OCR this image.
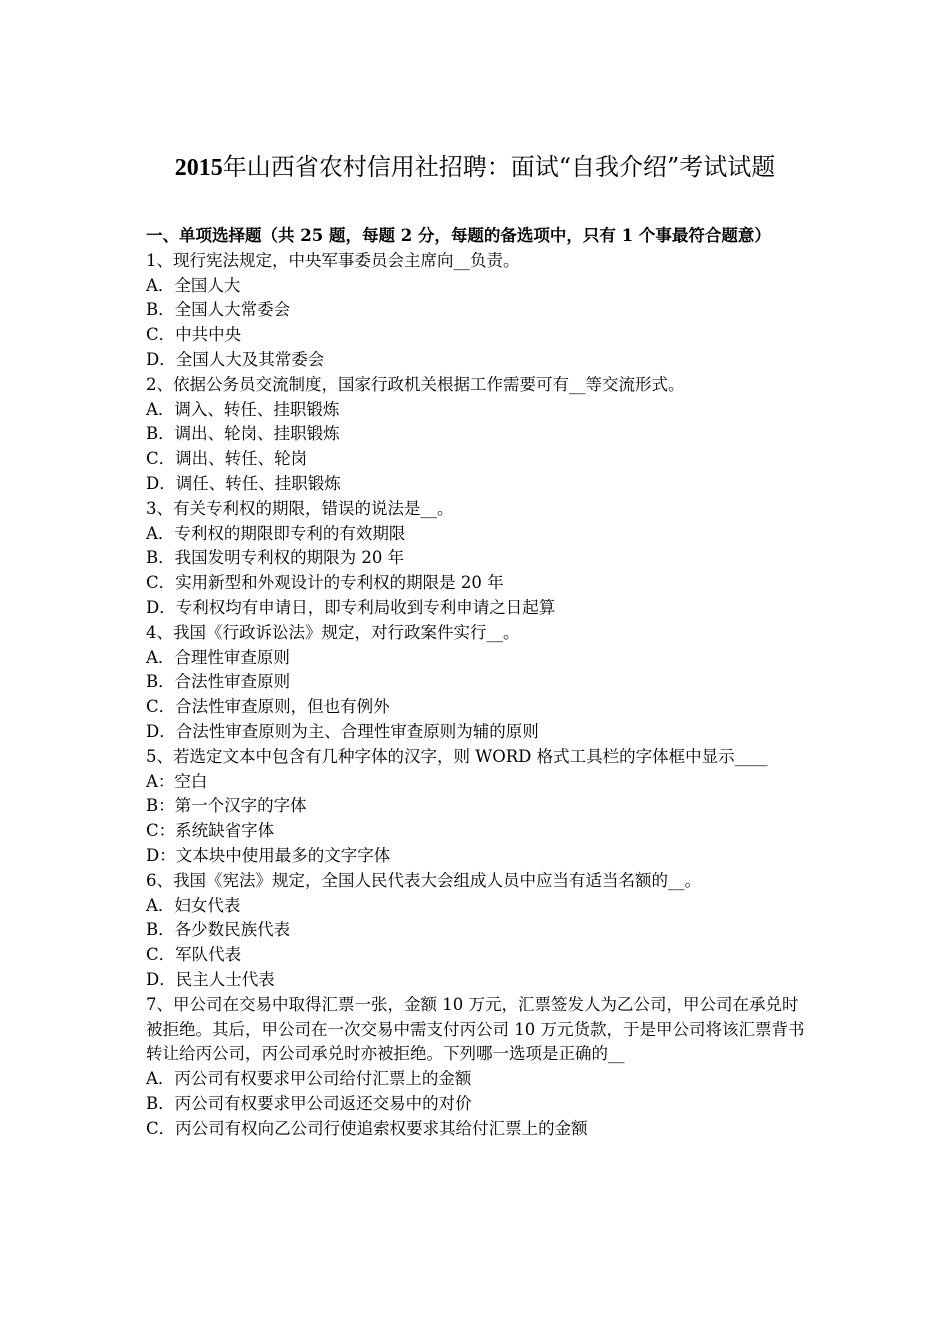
2015年山西省农村信用社招聘：面试“自我介绍”考试试题

一、单项选择题（共 25 题，每题 2 分，每题的备选项中，只有 1 个事最符合题意）

1、现行宪法规定，中央军事委员会主席向__负责。

A．全国人大

B．全国人大常委会

C．中共中央

D．全国人大及其常委会

2、依据公务员交流制度，国家行政机关根据工作需要可有__等交流形式。

A．调入、转任、挂职锻炼

B．调出、轮岗、挂职锻炼

C．调出、转任、轮岗

D．调任、转任、挂职锻炼

3、有关专利权的期限，错误的说法是__。

A．专利权的期限即专利的有效期限

B．我国发明专利权的期限为 20 年

C．实用新型和外观设计的专利权的期限是 20 年

D．专利权均有申请日，即专利局收到专利申请之日起算

4、我国《行政诉讼法》规定，对行政案件实行__。

A．合理性审查原则

B．合法性审查原则

C．合法性审查原则，但也有例外

D．合法性审查原则为主、合理性审查原则为辅的原则

5、若选定文本中包含有几种字体的汉字，则 WORD 格式工具栏的字体框中显示____

A：空白

B：第一个汉字的字体

C：系统缺省字体

D：文本块中使用最多的文字字体

6、我国《宪法》规定，全国人民代表大会组成人员中应当有适当名额的__。

A．妇女代表

B．各少数民族代表

C．军队代表

D．民主人士代表

7、甲公司在交易中取得汇票一张，金额 10 万元，汇票签发人为乙公司，甲公司在承兑时被拒绝。其后，甲公司在一次交易中需支付丙公司 10 万元货款，于是甲公司将该汇票背书转让给丙公司，丙公司承兑时亦被拒绝。下列哪一选项是正确的__

A．丙公司有权要求甲公司给付汇票上的金额

B．丙公司有权要求甲公司返还交易中的对价

C．丙公司有权向乙公司行使追索权要求其给付汇票上的金额
